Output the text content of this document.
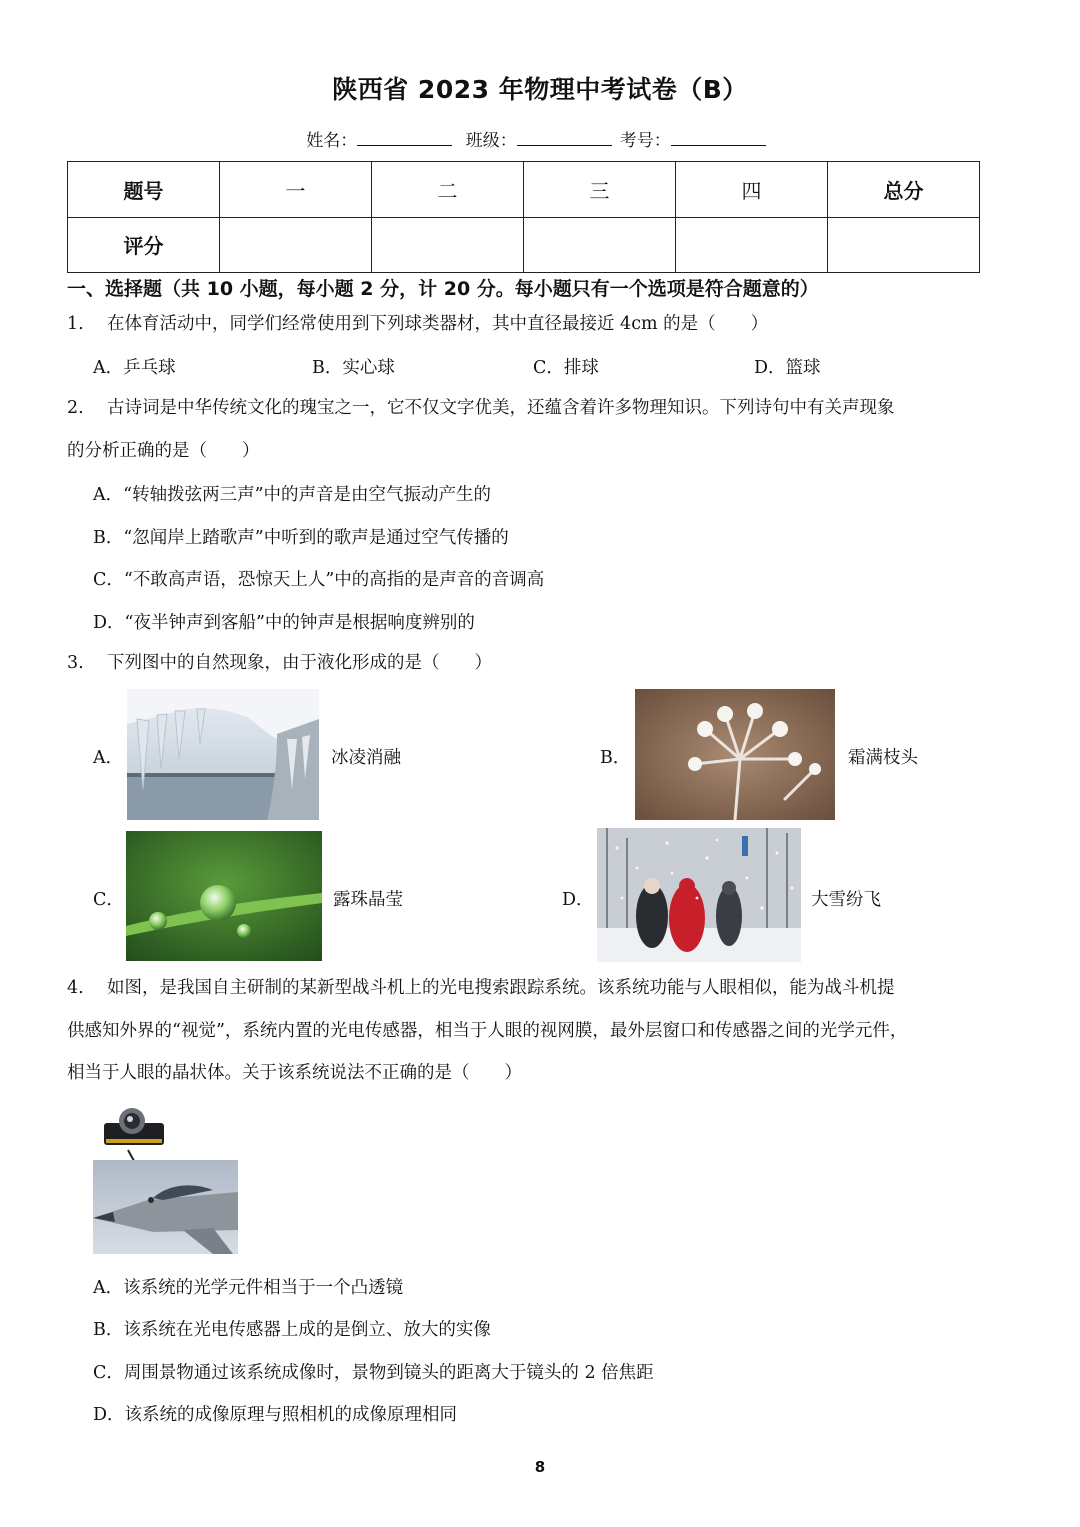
陕西省 2023 年物理中考试卷（B）
姓名：	班级：	考号：
题号	一	二	三	四	总分
评分					
一、选择题（共 10 小题，每小题 2 分，计 20 分。每小题只有一个选项是符合题意的）
1. 在体育活动中，同学们经常使用到下列球类器材，其中直径最接近 4cm 的是（　　）
A．乒乓球	B．实心球	C．排球	D．篮球
2. 古诗词是中华传统文化的瑰宝之一，它不仅文字优美，还蕴含着许多物理知识。下列诗句中有关声现象
的分析正确的是（　　）
A．“转轴拨弦两三声”中的声音是由空气振动产生的
B．“忽闻岸上踏歌声”中听到的歌声是通过空气传播的
C．“不敢高声语，恐惊天上人”中的高指的是声音的音调高
D．“夜半钟声到客船”中的钟声是根据响度辨别的
3. 下列图中的自然现象，由于液化形成的是（　　）
A．	冰凌消融	B．	霜满枝头
C．	露珠晶莹	D．	大雪纷飞
4. 如图，是我国自主研制的某新型战斗机上的光电搜索跟踪系统。该系统功能与人眼相似，能为战斗机提
供感知外界的“视觉”，系统内置的光电传感器，相当于人眼的视网膜，最外层窗口和传感器之间的光学元件，
相当于人眼的晶状体。关于该系统说法不正确的是（　　）
A．该系统的光学元件相当于一个凸透镜
B．该系统在光电传感器上成的是倒立、放大的实像
C．周围景物通过该系统成像时，景物到镜头的距离大于镜头的 2 倍焦距
D．该系统的成像原理与照相机的成像原理相同
8
